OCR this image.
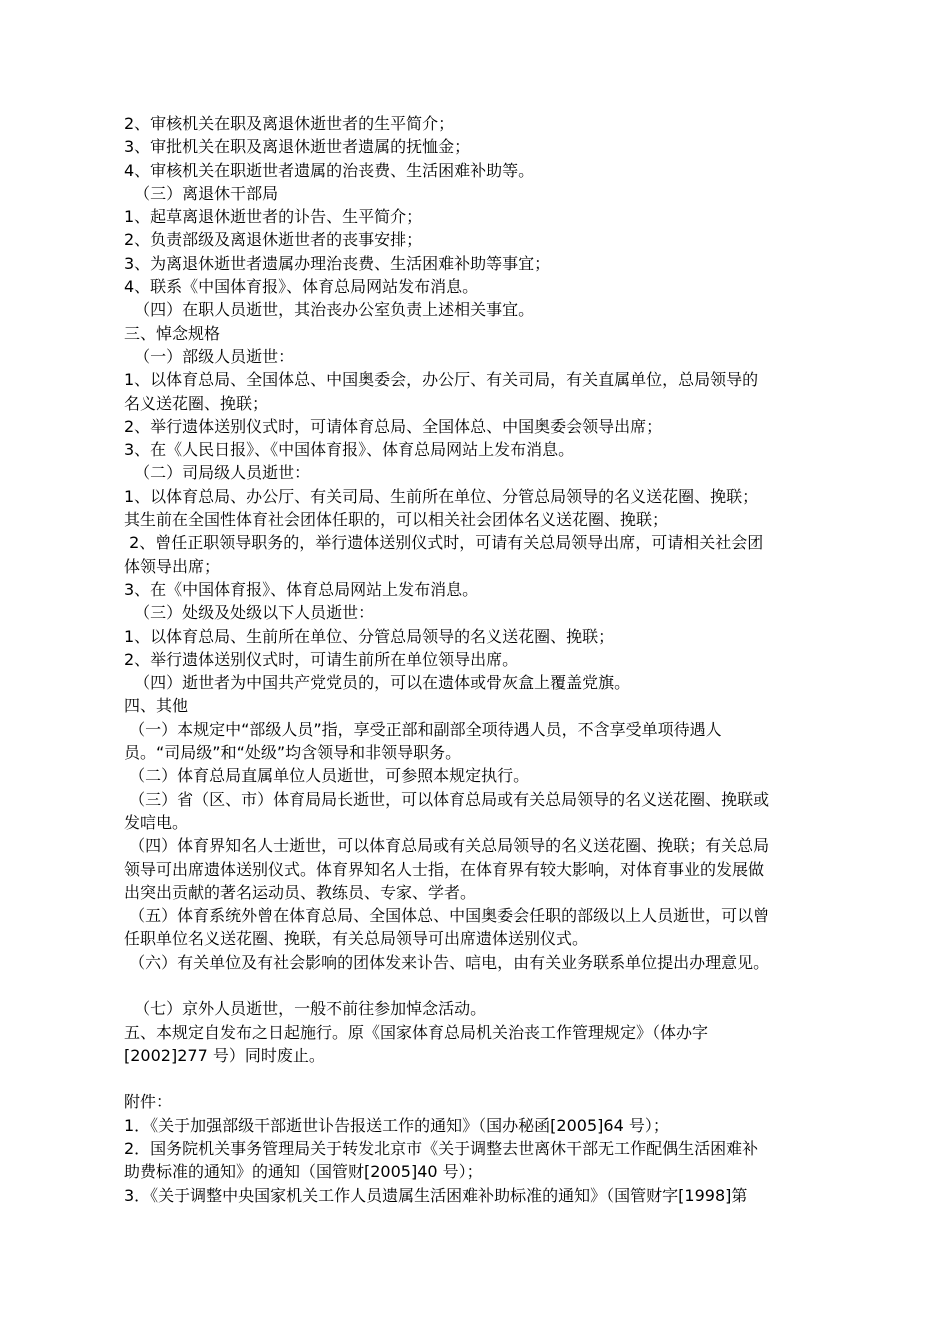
2、审核机关在职及离退休逝世者的生平简介；
3、审批机关在职及离退休逝世者遗属的抚恤金；
4、审核机关在职逝世者遗属的治丧费、生活困难补助等。
（三）离退休干部局
1、起草离退休逝世者的讣告、生平简介；
2、负责部级及离退休逝世者的丧事安排；
3、为离退休逝世者遗属办理治丧费、生活困难补助等事宜；
4、联系《中国体育报》、体育总局网站发布消息。
（四）在职人员逝世，其治丧办公室负责上述相关事宜。
三、悼念规格
（一）部级人员逝世：
1、以体育总局、全国体总、中国奥委会，办公厅、有关司局，有关直属单位，总局领导的
名义送花圈、挽联；
2、举行遗体送别仪式时，可请体育总局、全国体总、中国奥委会领导出席；
3、在《人民日报》、《中国体育报》、体育总局网站上发布消息。
（二）司局级人员逝世：
1、以体育总局、办公厅、有关司局、生前所在单位、分管总局领导的名义送花圈、挽联；
其生前在全国性体育社会团体任职的，可以相关社会团体名义送花圈、挽联；
2、曾任正职领导职务的，举行遗体送别仪式时，可请有关总局领导出席，可请相关社会团
体领导出席；
3、在《中国体育报》、体育总局网站上发布消息。
（三）处级及处级以下人员逝世：
1、以体育总局、生前所在单位、分管总局领导的名义送花圈、挽联；
2、举行遗体送别仪式时，可请生前所在单位领导出席。
（四）逝世者为中国共产党党员的，可以在遗体或骨灰盒上覆盖党旗。
四、其他
（一）本规定中“部级人员”指，享受正部和副部全项待遇人员，不含享受单项待遇人
员。“司局级”和“处级”均含领导和非领导职务。
（二）体育总局直属单位人员逝世，可参照本规定执行。
（三）省（区、市）体育局局长逝世，可以体育总局或有关总局领导的名义送花圈、挽联或
发唁电。
（四）体育界知名人士逝世，可以体育总局或有关总局领导的名义送花圈、挽联；有关总局
领导可出席遗体送别仪式。体育界知名人士指，在体育界有较大影响，对体育事业的发展做
出突出贡献的著名运动员、教练员、专家、学者。
（五）体育系统外曾在体育总局、全国体总、中国奥委会任职的部级以上人员逝世，可以曾
任职单位名义送花圈、挽联，有关总局领导可出席遗体送别仪式。
（六）有关单位及有社会影响的团体发来讣告、唁电，由有关业务联系单位提出办理意见。
（七）京外人员逝世，一般不前往参加悼念活动。
五、本规定自发布之日起施行。原《国家体育总局机关治丧工作管理规定》（体办字
[2002]277 号）同时废止。
附件：
1．《关于加强部级干部逝世讣告报送工作的通知》（国办秘函[2005]64 号）；
2．国务院机关事务管理局关于转发北京市《关于调整去世离休干部无工作配偶生活困难补
助费标准的通知》的通知（国管财[2005]40 号）；
3．《关于调整中央国家机关工作人员遗属生活困难补助标准的通知》（国管财字[1998]第
